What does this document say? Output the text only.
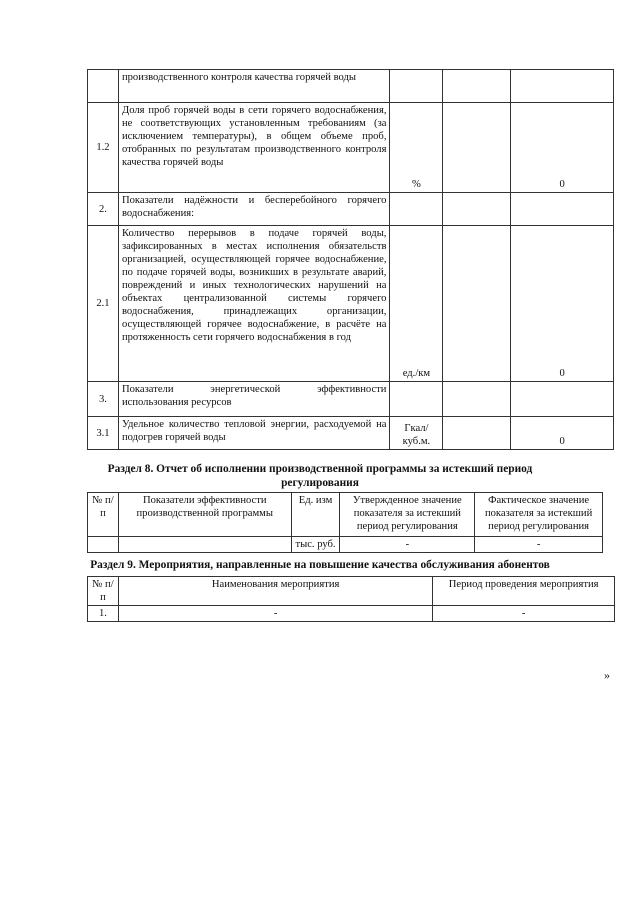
	производственного контроля качества горячей воды			
1.2	Доля проб горячей воды в сети горячего водоснабжения, не соответствующих установленным требованиям (за исключением температуры), в общем объеме проб, отобранных по результатам производственного контроля качества горячей воды	%		0
2.	Показатели надёжности и бесперебойного горячего водоснабжения:			
2.1	Количество перерывов в подаче горячей воды, зафиксированных в местах исполнения обязательств организацией, осуществляющей горячее водоснабжение, по подаче горячей воды, возникших в результате аварий, повреждений и иных технологических нарушений на объектах централизованной системы горячего водоснабжения, принадлежащих организации, осуществляющей горячее водоснабжение, в расчёте на протяженность сети горячего водоснабжения в год	ед./км		0
3.	Показатели энергетической эффективности использования ресурсов			
3.1	Удельное количество тепловой энергии, расходуемой на подогрев горячей воды	Гкал/ куб.м.		0
Раздел 8. Отчет об исполнении производственной программы за истекший период регулирования
№ п/п	Показатели эффективности производственной программы	Ед. изм	Утвержденное значение показателя за истекший период регулирования	Фактическое значение показателя за истекший период регулирования
		тыс. руб.	-	-
Раздел 9. Мероприятия, направленные на повышение качества обслуживания абонентов
№ п/п	Наименования мероприятия	Период проведения мероприятия
1.	-	-
»
